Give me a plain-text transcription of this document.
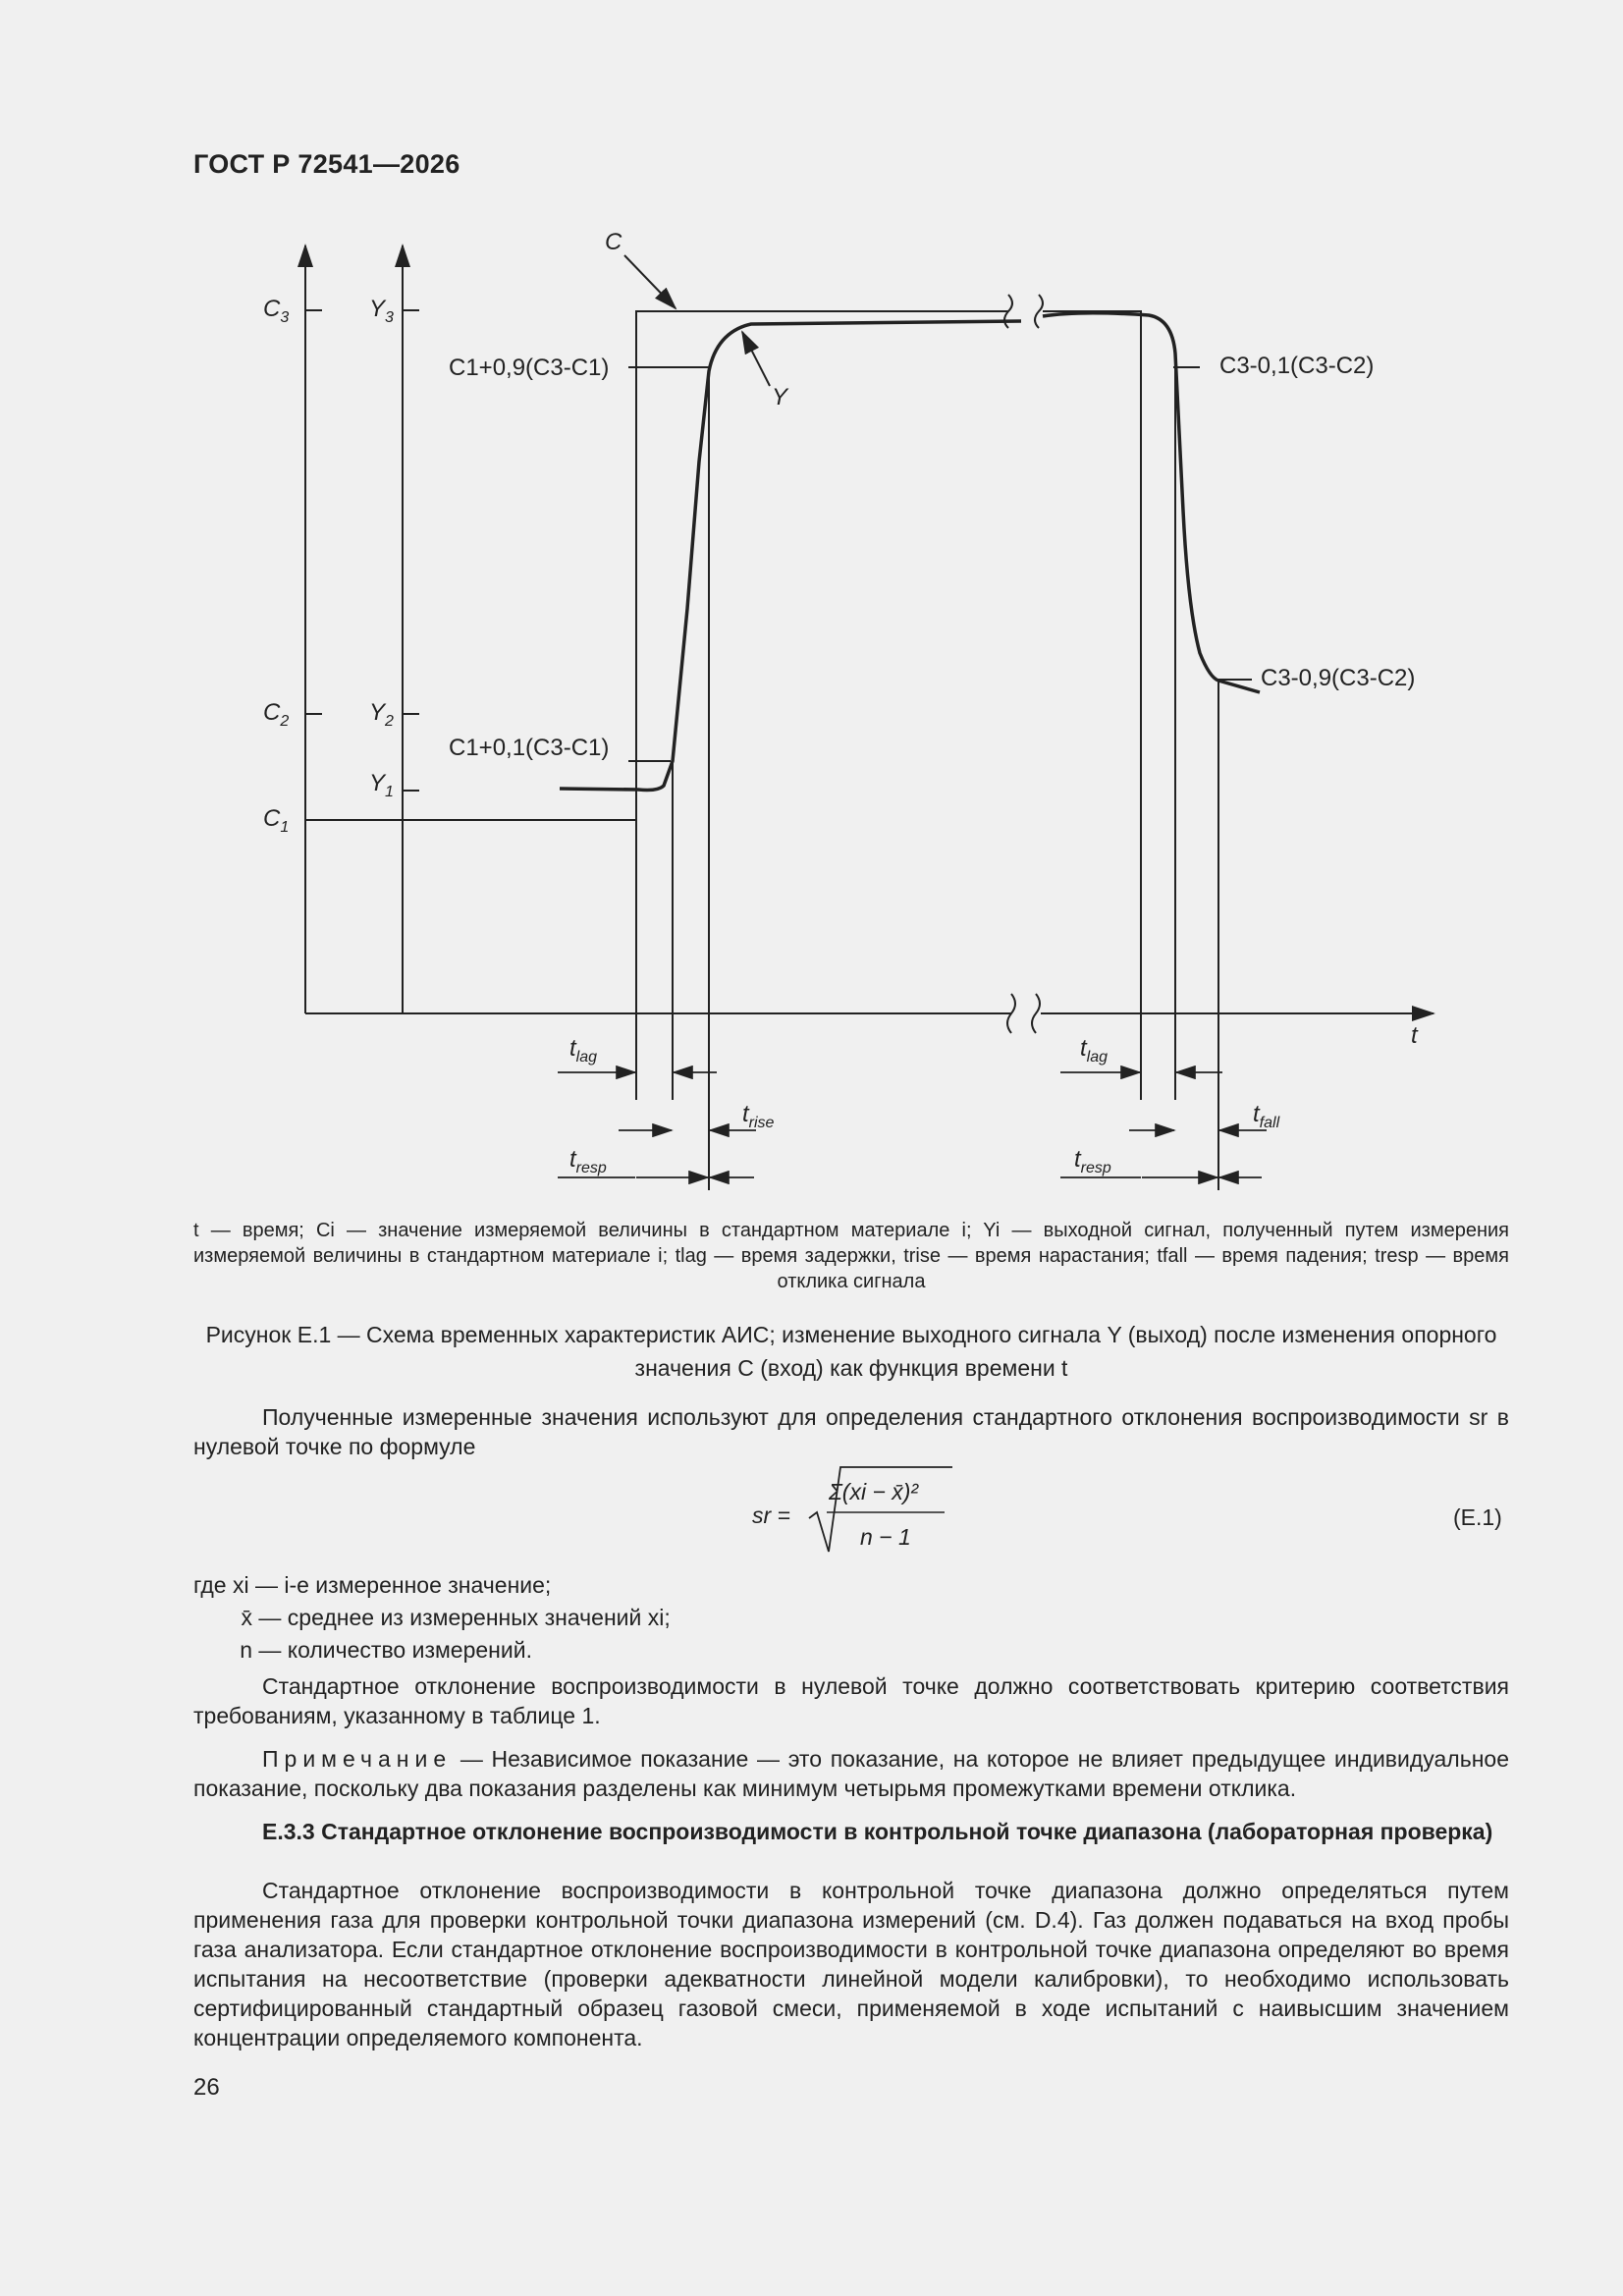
ГОСТ Р 72541—2026
$C_3$	$Y_3$
$C_2$	$Y_2$
$Y_1$
$C_1$
C
Y
C1+0,9(C3-C1)
C1+0,1(C3-C1)
C3-0,1(C3-C2)
C3-0,9(C3-C2)
t
$t_{lag}$
$t_{rise}$
$t_{resp}$
$t_{lag}$
$t_{fall}$
$t_{resp}$
t — время; Ci — значение измеряемой величины в стандартном материале i; Yi — выходной сигнал, полученный путем измерения измеряемой величины в стандартном материале i; tlag — время задержки, trise — время нарастания; tfall — время падения; tresp — время отклика сигнала
Рисунок E.1 — Схема временных характеристик АИС; изменение выходного сигнала Y (выход) после изменения опорного значения C (вход) как функция времени t
Полученные измеренные значения используют для определения стандартного отклонения воспроизводимости sr в нулевой точке по формуле
sr =
Σ(xi − x̄)²
n − 1
(E.1)
где xi — i-е измеренное значение;
x̄ — среднее из измеренных значений xi;
n — количество измерений.
Стандартное отклонение воспроизводимости в нулевой точке должно соответствовать критерию соответствия требованиям, указанному в таблице 1.
Примечание — Независимое показание — это показание, на которое не влияет предыдущее индивидуальное показание, поскольку два показания разделены как минимум четырьмя промежутками времени отклика.
E.3.3 Стандартное отклонение воспроизводимости в контрольной точке диапазона (лабораторная проверка)
Стандартное отклонение воспроизводимости в контрольной точке диапазона должно определяться путем применения газа для проверки контрольной точки диапазона измерений (см. D.4). Газ должен подаваться на вход пробы газа анализатора. Если стандартное отклонение воспроизводимости в контрольной точке диапазона определяют во время испытания на несоответствие (проверки адекватности линейной модели калибровки), то необходимо использовать сертифицированный стандартный образец газовой смеси, применяемой в ходе испытаний с наивысшим значением концентрации определяемого компонента.
26
